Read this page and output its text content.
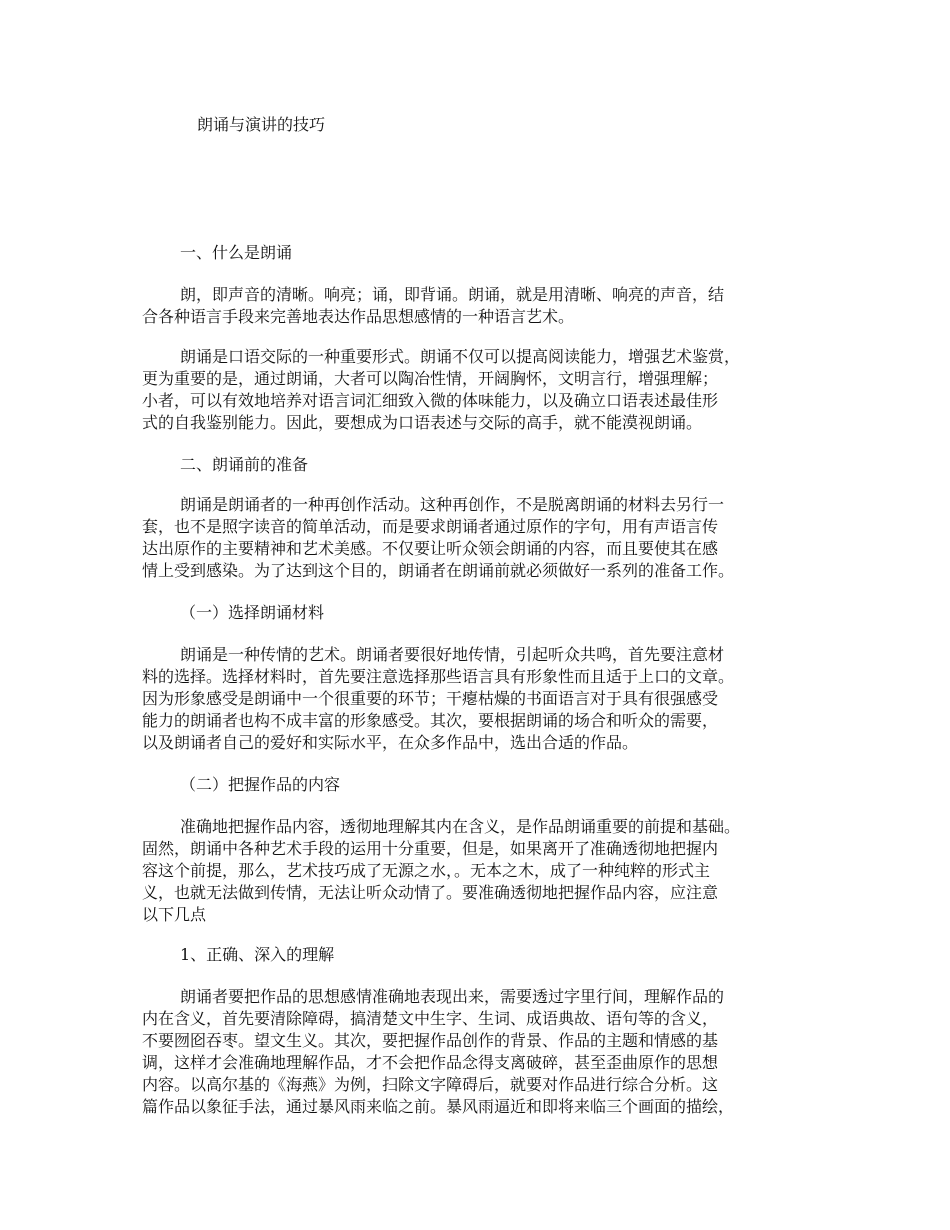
朗诵与演讲的技巧
一、什么是朗诵

朗，即声音的清晰。响亮；诵，即背诵。朗诵，就是用清晰、响亮的声音，结
合各种语言手段来完善地表达作品思想感情的一种语言艺术。

朗诵是口语交际的一种重要形式。朗诵不仅可以提高阅读能力，增强艺术鉴赏，
更为重要的是，通过朗诵，大者可以陶冶性情，开阔胸怀，文明言行，增强理解；
小者，可以有效地培养对语言词汇细致入微的体味能力，以及确立口语表述最佳形
式的自我鉴别能力。因此，要想成为口语表述与交际的高手，就不能漠视朗诵。

二、朗诵前的准备

朗诵是朗诵者的一种再创作活动。这种再创作，不是脱离朗诵的材料去另行一
套，也不是照字读音的简单活动，而是要求朗诵者通过原作的字句，用有声语言传
达出原作的主要精神和艺术美感。不仅要让听众领会朗诵的内容，而且要使其在感
情上受到感染。为了达到这个目的，朗诵者在朗诵前就必须做好一系列的准备工作。

（一）选择朗诵材料

朗诵是一种传情的艺术。朗诵者要很好地传情，引起听众共鸣，首先要注意材
料的选择。选择材料时，首先要注意选择那些语言具有形象性而且适于上口的文章。
因为形象感受是朗诵中一个很重要的环节；干瘪枯燥的书面语言对于具有很强感受
能力的朗诵者也构不成丰富的形象感受。其次，要根据朗诵的场合和听众的需要，
以及朗诵者自己的爱好和实际水平，在众多作品中，选出合适的作品。

（二）把握作品的内容

准确地把握作品内容，透彻地理解其内在含义，是作品朗诵重要的前提和基础。
固然，朗诵中各种艺术手段的运用十分重要，但是，如果离开了准确透彻地把握内
容这个前提，那么，艺术技巧成了无源之水，。无本之木，成了一种纯粹的形式主
义，也就无法做到传情，无法让听众动情了。要准确透彻地把握作品内容，应注意
以下几点

1、正确、深入的理解

朗诵者要把作品的思想感情准确地表现出来，需要透过字里行间，理解作品的
内在含义，首先要清除障碍，搞清楚文中生字、生词、成语典故、语句等的含义，
不要囫囵吞枣。望文生义。其次，要把握作品创作的背景、作品的主题和情感的基
调，这样才会准确地理解作品，才不会把作品念得支离破碎，甚至歪曲原作的思想
内容。以高尔基的《海燕》为例，扫除文字障碍后，就要对作品进行综合分析。这
篇作品以象征手法，通过暴风雨来临之前。暴风雨逼近和即将来临三个画面的描绘，
